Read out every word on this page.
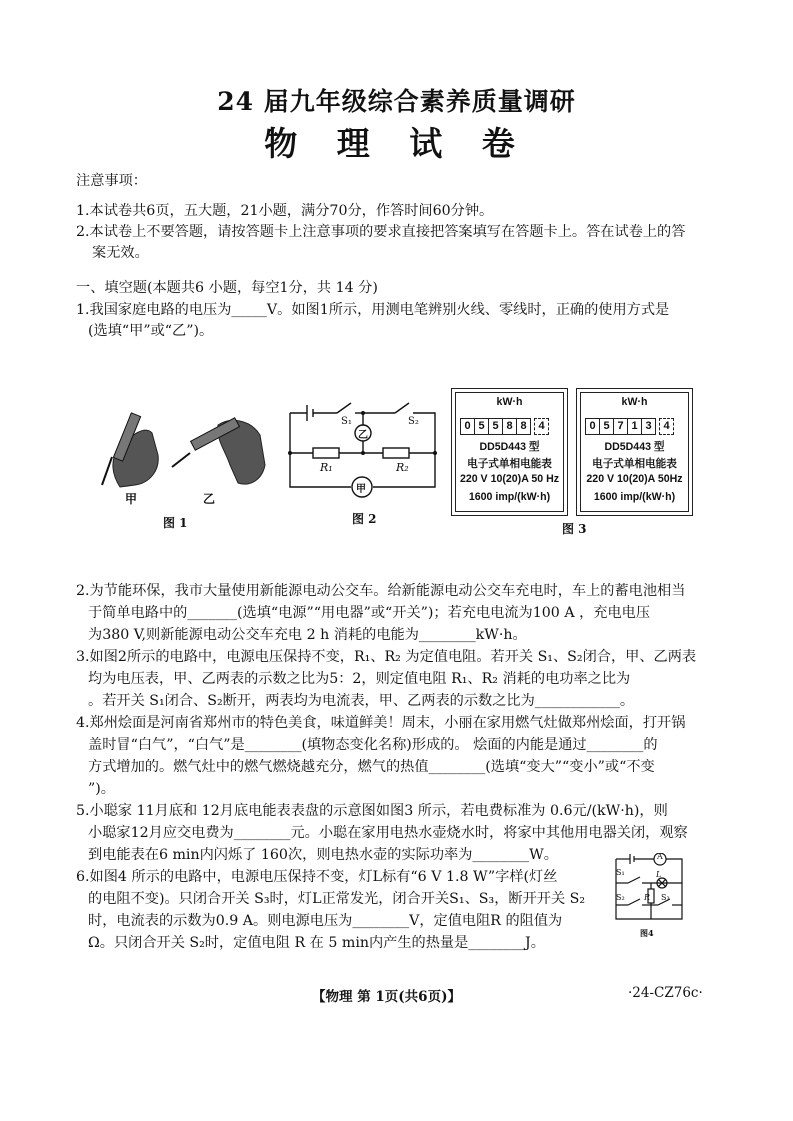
24 届九年级综合素养质量调研
物 理 试 卷
注意事项：
1.本试卷共6页，五大题，21小题，满分70分，作答时间60分钟。
2.本试卷上不要答题，请按答题卡上注意事项的要求直接把答案填写在答题卡上。答在试卷上的答
案无效。
一、填空题(本题共6 小题，每空1分，共 14 分)
1.我国家庭电路的电压为_____V。如图1所示，用测电笔辨别火线、零线时，正确的使用方式是
(选填“甲”或“乙”)。
甲	乙
图 1
S₁	S₂
乙
R₁	R₂
甲
图 2
kW·h
0 5 5 8 8	4
DD5D443 型
电子式单相电能表
220 V 10(20)A 50 Hz
1600 imp/(kW·h)
kW·h
0 5 7 1 3	4
DD5D443 型
电子式单相电能表
220 V 10(20)A 50Hz
1600 imp/(kW·h)
图 3
2.为节能环保，我市大量使用新能源电动公交车。给新能源电动公交车充电时，车上的蓄电池相当
于简单电路中的_______(选填“电源”“用电器”或“开关”)；若充电电流为100 A ，充电电压
为380 V,则新能源电动公交车充电 2 h 消耗的电能为________kW·h。
3.如图2所示的电路中，电源电压保持不变，R₁、R₂ 为定值电阻。若开关 S₁、S₂闭合，甲、乙两表
均为电压表，甲、乙两表的示数之比为5：2，则定值电阻 R₁、R₂ 消耗的电功率之比为
。若开关 S₁闭合、S₂断开，两表均为电流表，甲、乙两表的示数之比为____________。
4.郑州烩面是河南省郑州市的特色美食，味道鲜美！周末，小丽在家用燃气灶做郑州烩面，打开锅
盖时冒“白气”，“白气”是________(填物态变化名称)形成的。 烩面的内能是通过________的
方式增加的。燃气灶中的燃气燃烧越充分，燃气的热值________(选填“变大”“变小”或“不变
”)。
5.小聪家 11月底和 12月底电能表表盘的示意图如图3 所示，若电费标准为 0.6元/(kW·h)，则
小聪家12月应交电费为________元。小聪在家用电热水壶烧水时，将家中其他用电器关闭，观察
到电能表在6 min内闪烁了 160次，则电热水壶的实际功率为________W。
6.如图4 所示的电路中，电源电压保持不变，灯L标有“6 V 1.8 W”字样(灯丝
的电阻不变)。只闭合开关 S₃时，灯L正常发光，闭合开关S₁、S₃，断开开关 S₂
时，电流表的示数为0.9 A。则电源电压为________V，定值电阻R 的阻值为
Ω。只闭合开关 S₂时，定值电阻 R 在 5 min内产生的热量是________J。
A
S₁	L
S₂ R S₃
图4
【物理 第 1页(共6页)】	·24-CZ76c·
